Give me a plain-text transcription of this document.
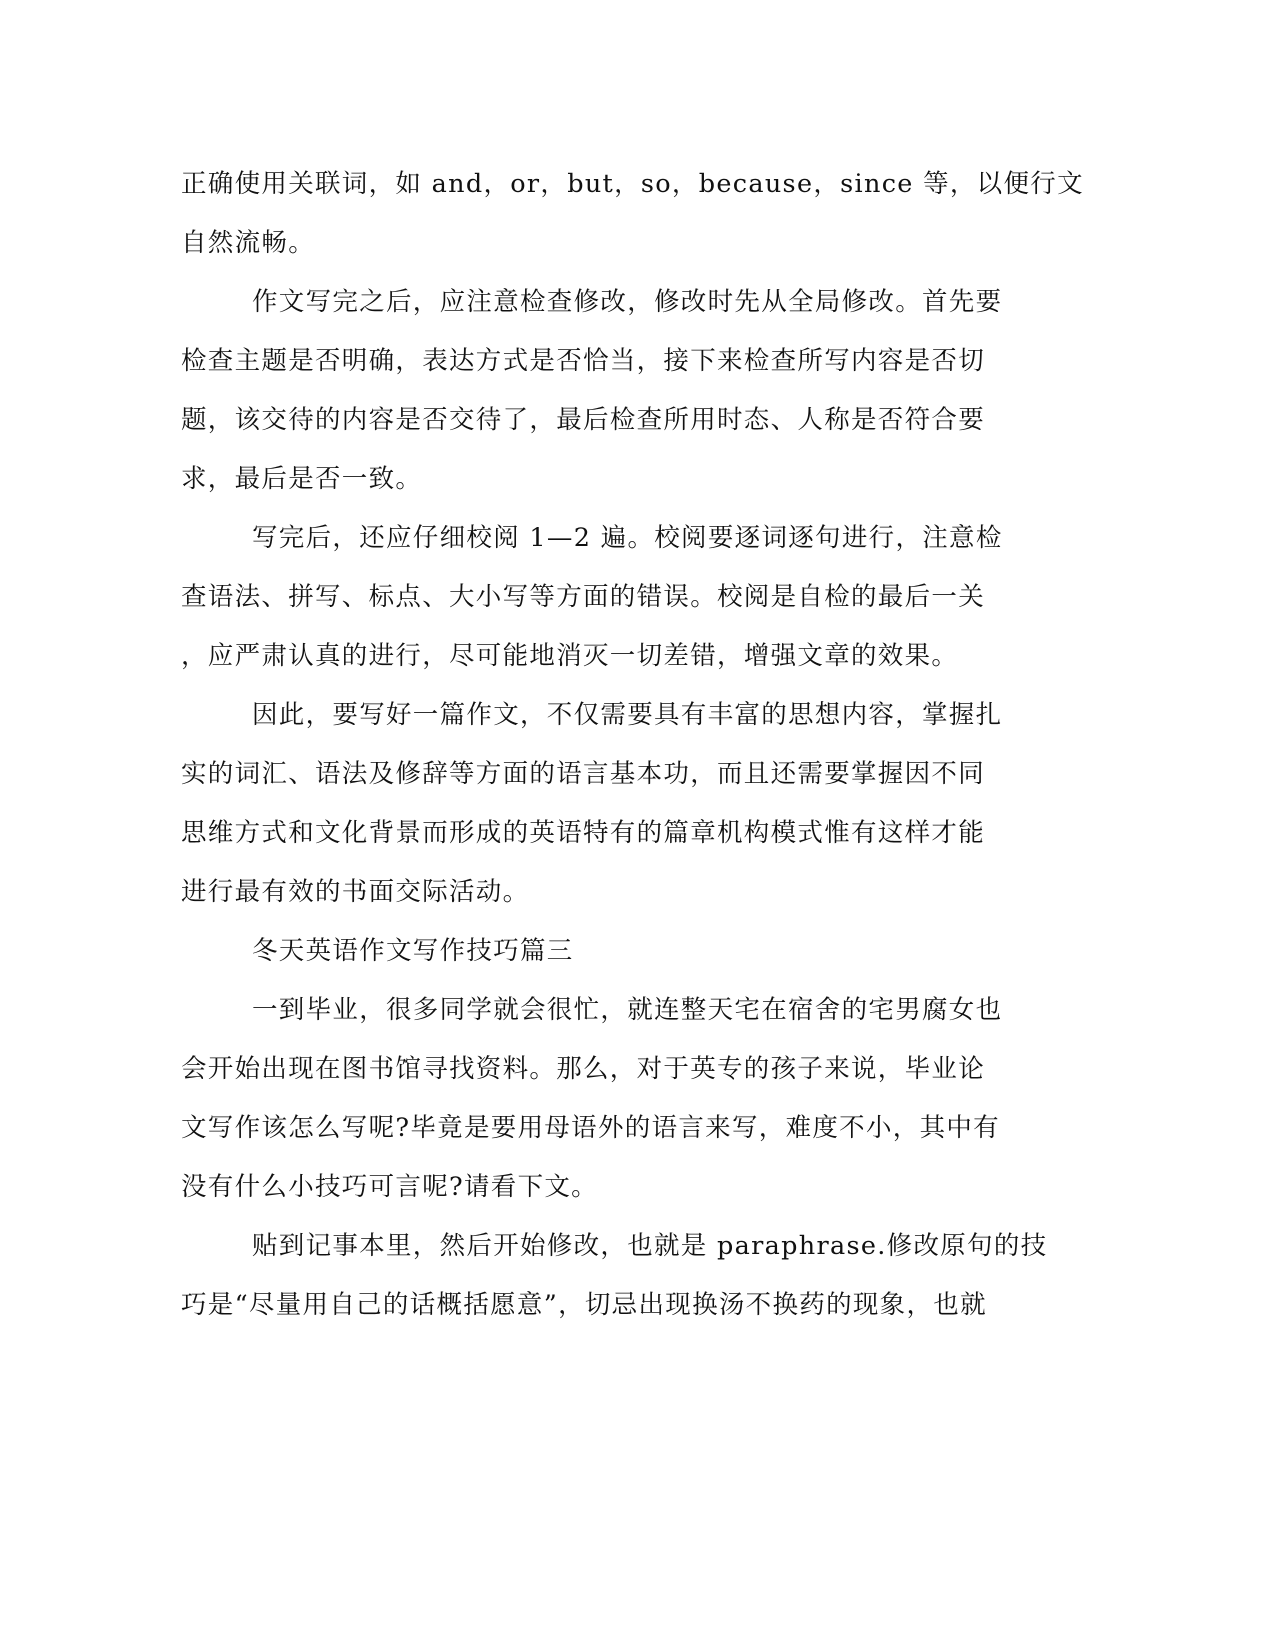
正确使用关联词，如 and，or，but，so，because，since 等，以便行文
自然流畅。
作文写完之后，应注意检查修改，修改时先从全局修改。首先要
检查主题是否明确，表达方式是否恰当，接下来检查所写内容是否切
题，该交待的内容是否交待了，最后检查所用时态、人称是否符合要
求，最后是否一致。
写完后，还应仔细校阅 1—2 遍。校阅要逐词逐句进行，注意检
查语法、拼写、标点、大小写等方面的错误。校阅是自检的最后一关
，应严肃认真的进行，尽可能地消灭一切差错，增强文章的效果。
因此，要写好一篇作文，不仅需要具有丰富的思想内容，掌握扎
实的词汇、语法及修辞等方面的语言基本功，而且还需要掌握因不同
思维方式和文化背景而形成的英语特有的篇章机构模式惟有这样才能
进行最有效的书面交际活动。
冬天英语作文写作技巧篇三
一到毕业，很多同学就会很忙，就连整天宅在宿舍的宅男腐女也
会开始出现在图书馆寻找资料。那么，对于英专的孩子来说，毕业论
文写作该怎么写呢?毕竟是要用母语外的语言来写，难度不小，其中有
没有什么小技巧可言呢?请看下文。
贴到记事本里，然后开始修改，也就是 paraphrase.修改原句的技
巧是“尽量用自己的话概括愿意”，切忌出现换汤不换药的现象，也就
